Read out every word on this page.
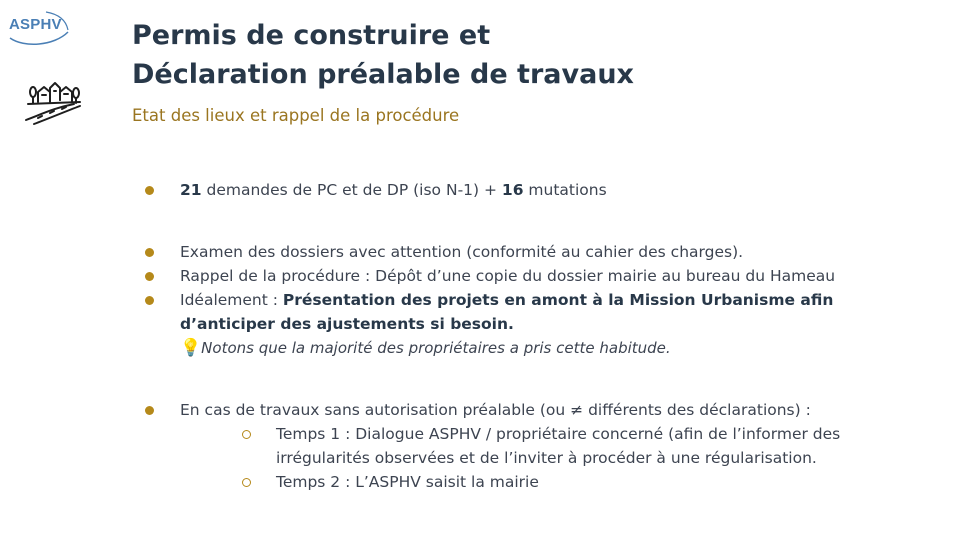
ASPHV	Permis de construire et
Déclaration préalable de travaux
Etat des lieux et rappel de la procédure
21 demandes de PC et de DP (iso N-1) + 16 mutations
Examen des dossiers avec attention (conformité au cahier des charges).
Rappel de la procédure : Dépôt d’une copie du dossier mairie au bureau du Hameau
Idéalement : Présentation des projets en amont à la Mission Urbanisme afin
d’anticiper des ajustements si besoin.
💡Notons que la majorité des propriétaires a pris cette habitude.
En cas de travaux sans autorisation préalable (ou ≠ différents des déclarations) :
Temps 1 : Dialogue ASPHV / propriétaire concerné (afin de l’informer des
irrégularités observées et de l’inviter à procéder à une régularisation.
Temps 2 : L’ASPHV saisit la mairie
